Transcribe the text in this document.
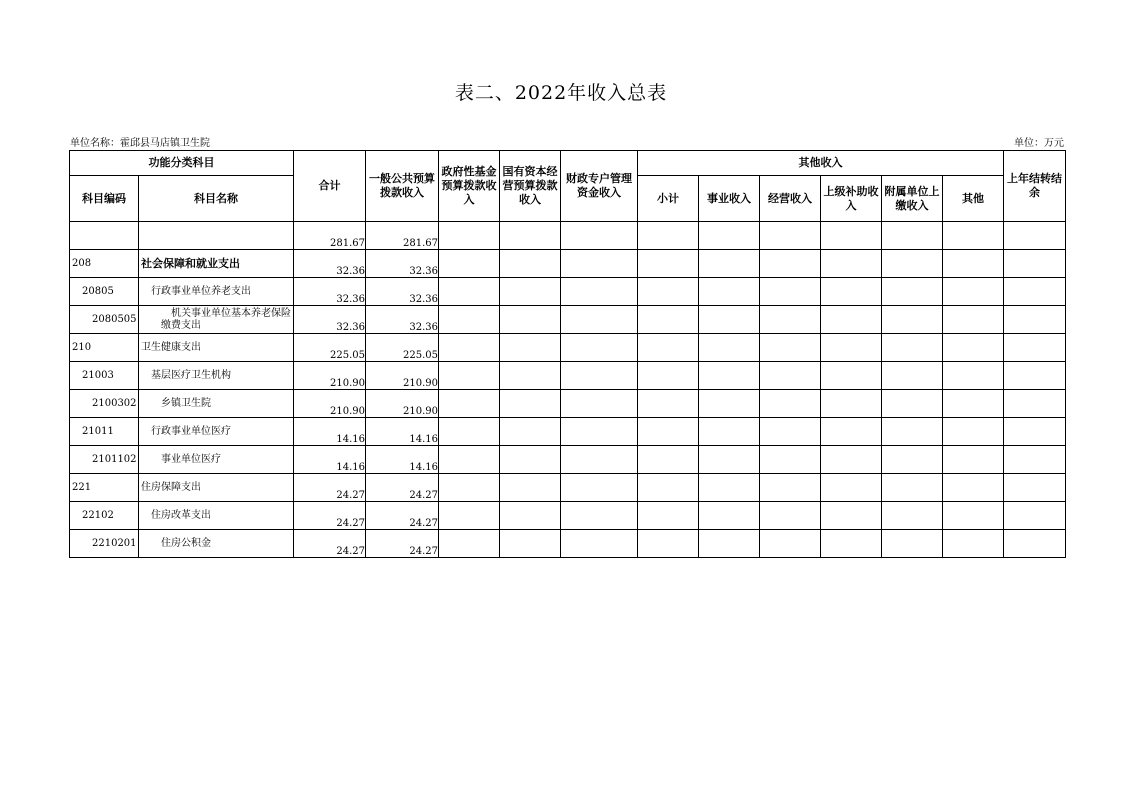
表二、2022年收入总表
单位名称：霍邱县马店镇卫生院	单位：万元
功能分类科目		合计	一般公共预算拨款收入	政府性基金预算拨款收入	国有资本经营预算拨款收入	财政专户管理资金收入	其他收入						上年结转结余
科目编码	科目名称						小计	事业收入	经营收入	上级补助收入	附属单位上缴收入	其他	
		281.67	281.67										
208	社会保障和就业支出	32.36	32.36										
20805	行政事业单位养老支出	32.36	32.36										
2080505	机关事业单位基本养老保险缴费支出	32.36	32.36										
210	卫生健康支出	225.05	225.05										
21003	基层医疗卫生机构	210.90	210.90										
2100302	乡镇卫生院	210.90	210.90										
21011	行政事业单位医疗	14.16	14.16										
2101102	事业单位医疗	14.16	14.16										
221	住房保障支出	24.27	24.27										
22102	住房改革支出	24.27	24.27										
2210201	住房公积金	24.27	24.27										
